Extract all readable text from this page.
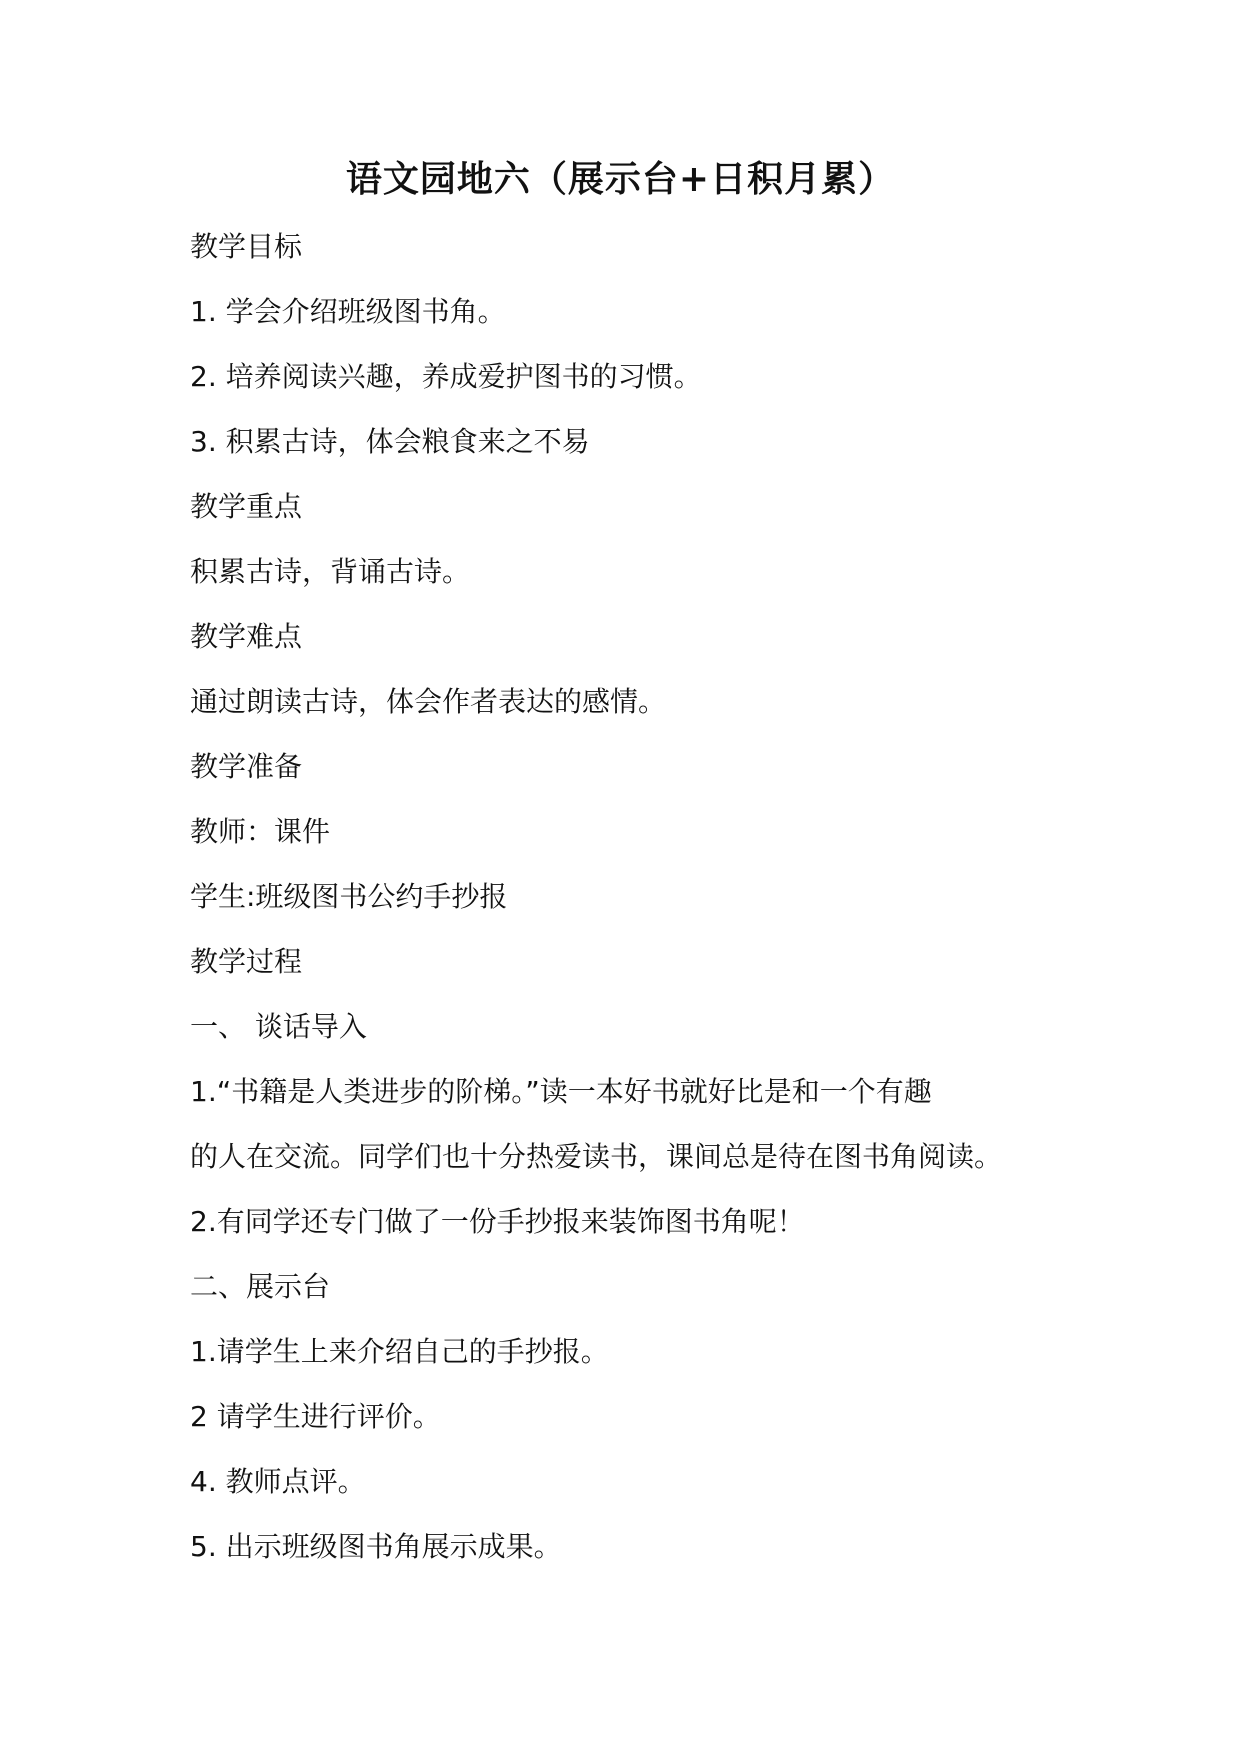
语文园地六（展示台+日积月累）
教学目标
1. 学会介绍班级图书角。
2. 培养阅读兴趣，养成爱护图书的习惯。
3. 积累古诗，体会粮食来之不易
教学重点
积累古诗，背诵古诗。
教学难点
通过朗读古诗，体会作者表达的感情。
教学准备
教师：课件
学生:班级图书公约手抄报
教学过程
一、 谈话导入
1.“书籍是人类进步的阶梯。”读一本好书就好比是和一个有趣
的人在交流。同学们也十分热爱读书，课间总是待在图书角阅读。
2.有同学还专门做了一份手抄报来装饰图书角呢！
二、展示台
1.请学生上来介绍自己的手抄报。
2 请学生进行评价。
4. 教师点评。
5. 出示班级图书角展示成果。
